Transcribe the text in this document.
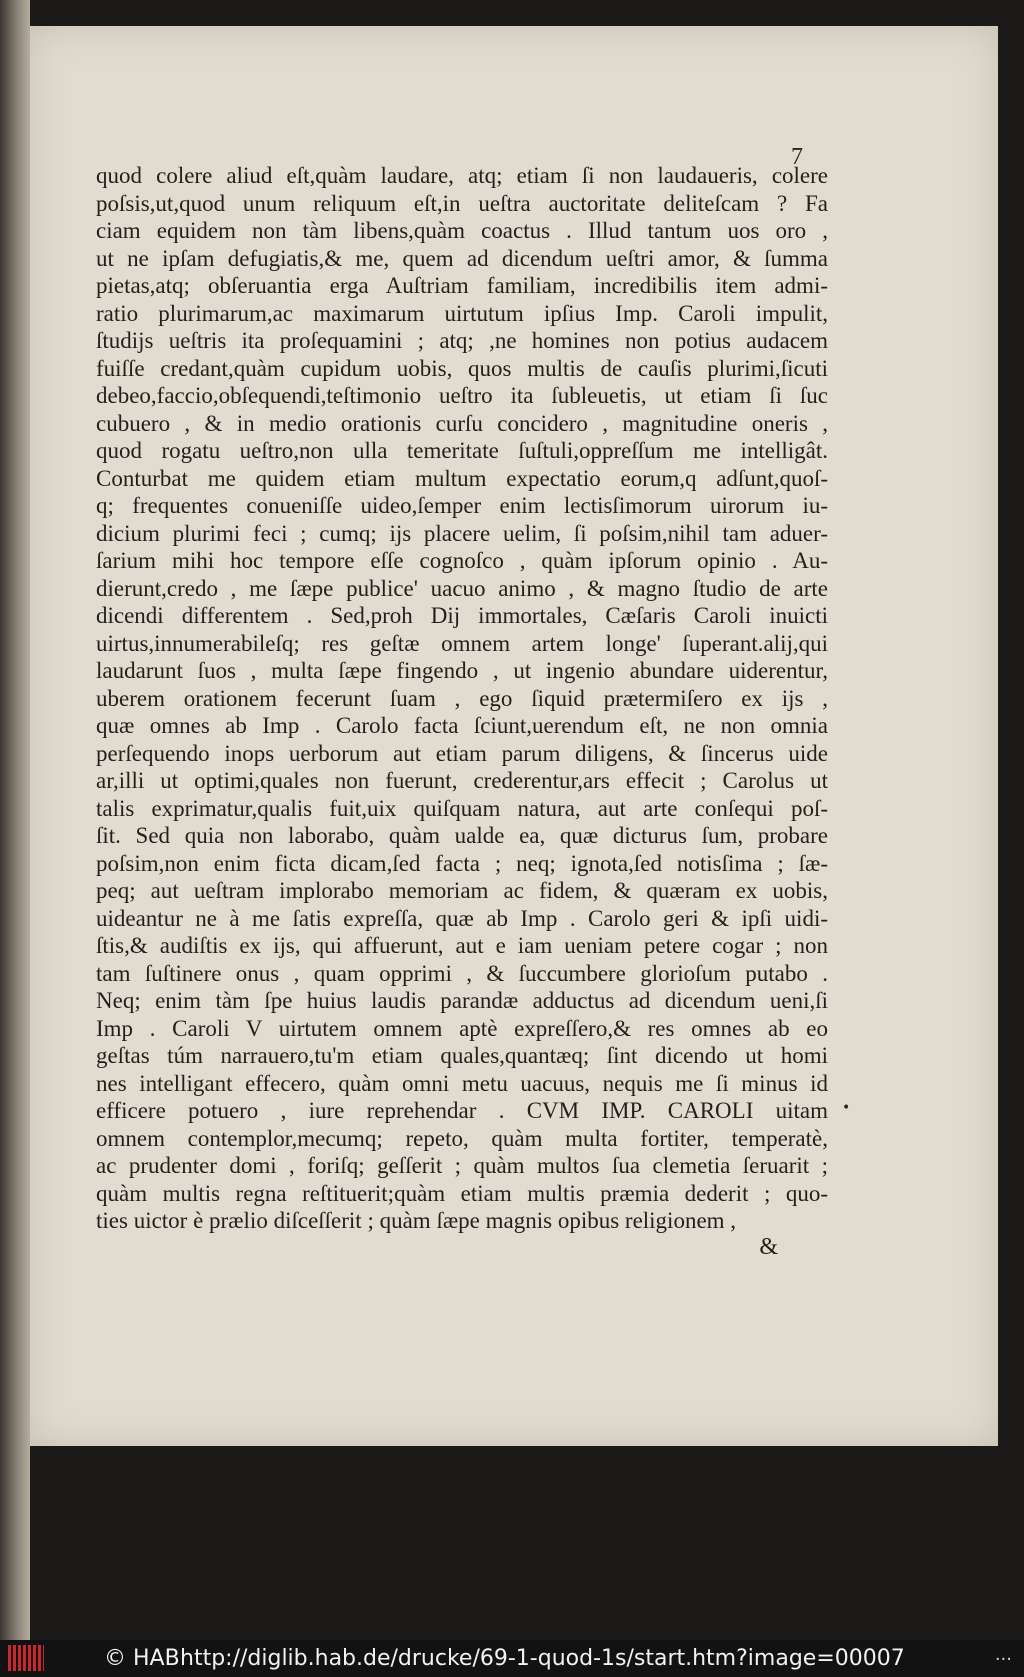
7
quod colere aliud eſt,quàm laudare, atq; etiam ſi non laudaueris, colere
poſsis,ut,quod unum reliquum eſt,in ueſtra auctoritate deliteſcam ? Fa
ciam equidem non tàm libens,quàm coactus . Illud tantum uos oro ,
ut ne ipſam defugiatis,& me, quem ad dicendum ueſtri amor, & ſumma
pietas,atq; obſeruantia erga Auſtriam familiam, incredibilis item admi-
ratio plurimarum,ac maximarum uirtutum ipſius Imp. Caroli impulit,
ſtudijs ueſtris ita proſequamini ; atq; ,ne homines non potius audacem
fuiſſe credant,quàm cupidum uobis, quos multis de cauſis plurimi,ſicuti
debeo,faccio,obſequendi,teſtimonio ueſtro ita ſubleuetis, ut etiam ſi ſuc
cubuero , & in medio orationis curſu concidero , magnitudine oneris ,
quod rogatu ueſtro,non ulla temeritate ſuſtuli,oppreſſum me intelligât.
Conturbat me quidem etiam multum expectatio eorum,q adſunt,quoſ-
q; frequentes conueniſſe uideo,ſemper enim lectisſimorum uirorum iu-
dicium plurimi feci ; cumq; ijs placere uelim, ſi poſsim,nihil tam aduer-
ſarium mihi hoc tempore eſſe cognoſco , quàm ipſorum opinio . Au-
dierunt,credo , me ſæpe publice' uacuo animo , & magno ſtudio de arte
dicendi differentem . Sed,proh Dij immortales, Cæſaris Caroli inuicti
uirtus,innumerabileſq; res geſtæ omnem artem longe' ſuperant.alij,qui
laudarunt ſuos , multa ſæpe fingendo , ut ingenio abundare uiderentur,
uberem orationem fecerunt ſuam , ego ſiquid prætermiſero ex ijs ,
quæ omnes ab Imp . Carolo facta ſciunt,uerendum eſt, ne non omnia
perſequendo inops uerborum aut etiam parum diligens, & ſincerus uide
ar,illi ut optimi,quales non fuerunt, crederentur,ars effecit ; Carolus ut
talis exprimatur,qualis fuit,uix quiſquam natura, aut arte conſequi poſ-
ſit. Sed quia non laborabo, quàm ualde ea, quæ dicturus ſum, probare
poſsim,non enim ficta dicam,ſed facta ; neq; ignota,ſed notisſima ; ſæ-
peq; aut ueſtram implorabo memoriam ac fidem, & quæram ex uobis,
uideantur ne à me ſatis expreſſa, quæ ab Imp . Carolo geri & ipſi uidi-
ſtis,& audiſtis ex ijs, qui affuerunt, aut e iam ueniam petere cogar ; non
tam ſuſtinere onus , quam opprimi , & ſuccumbere glorioſum putabo .
Neq; enim tàm ſpe huius laudis parandæ adductus ad dicendum ueni,ſi
Imp . Caroli V uirtutem omnem aptè expreſſero,& res omnes ab eo
geſtas túm narrauero,tu'm etiam quales,quantæq; ſint dicendo ut homi
nes intelligant effecero, quàm omni metu uacuus, nequis me ſi minus id
efficere potuero , iure reprehendar . CVM IMP. CAROLI uitam
omnem contemplor,mecumq; repeto, quàm multa fortiter, temperatè,
ac prudenter domi , foriſq; geſſerit ; quàm multos ſua clemetia ſeruarit ;
quàm multis regna reſtituerit;quàm etiam multis præmia dederit ; quo-
ties uictor è prælio diſceſſerit ; quàm ſæpe magnis opibus religionem ,
&
•
© HAB http://diglib.hab.de/drucke/69-1-quod-1s/start.htm?image=00007	...
